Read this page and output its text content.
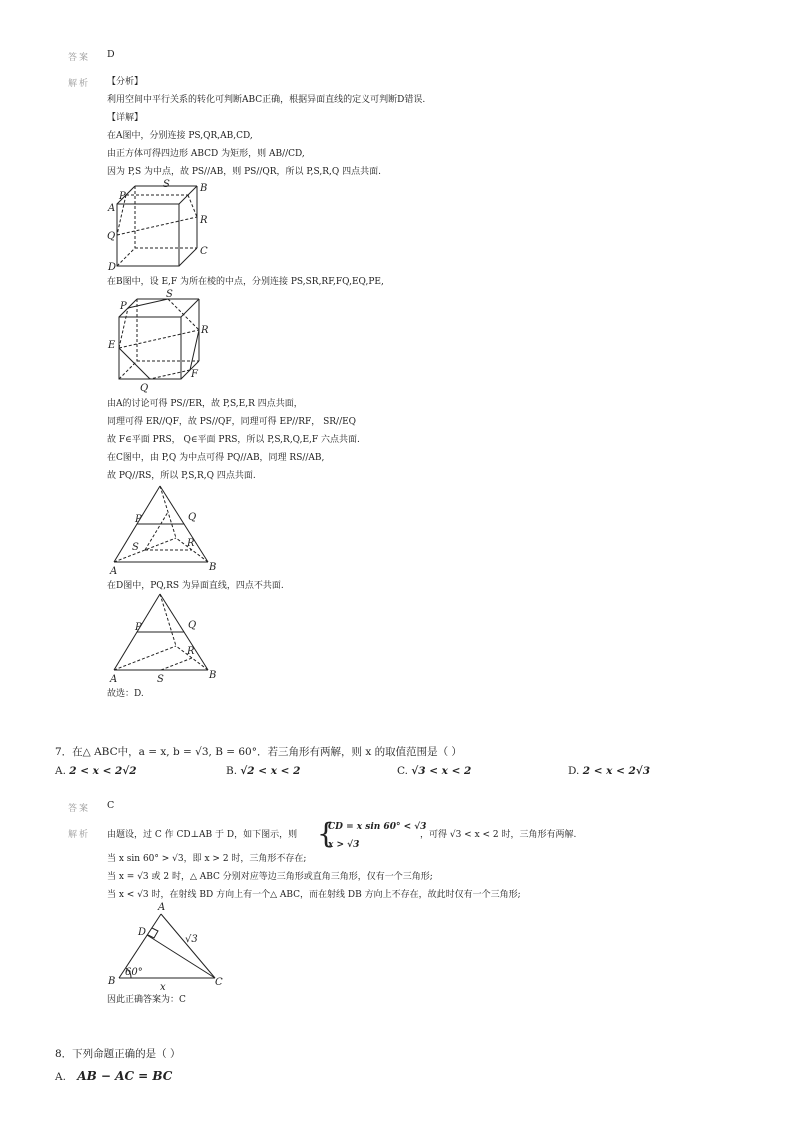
答案 D
解析 【分析】
利用空间中平行关系的转化可判断ABC正确，根据异面直线的定义可判断D错误.
【详解】
在A图中，分别连接 PS,QR,AB,CD,
由正方体可得四边形 ABCD 为矩形，则 AB//CD,
因为 P,S 为中点，故 PS//AB，则 PS//QR，所以 P,S,R,Q 四点共面.
P
S	B
A
R
Q
C
D
在B图中，设 E,F 为所在棱的中点，分别连接 PS,SR,RF,FQ,EQ,PE,
P
S
R
E
F
Q
由A的讨论可得 PS//ER，故 P,S,E,R 四点共面，
同理可得 ER//QF，故 PS//QF，同理可得 EP//RF， SR//EQ
故 F∈平面 PRS， Q∈平面 PRS，所以 P,S,R,Q,E,F 六点共面.
在C图中，由 P,Q 为中点可得 PQ//AB，同理 RS//AB,
故 PQ//RS，所以 P,S,R,Q 四点共面.
P	Q
S	R
A	B
在D图中，PQ,RS 为异面直线，四点不共面.
P	Q
R
A	S	B
故选：D.
7．在△ ABC中，a = x, b = √3, B = 60°．若三角形有两解，则 x 的取值范围是（ ）
A. 2 < x < 2√2	B. √2 < x < 2	C. √3 < x < 2	D. 2 < x < 2√3
答案 C
解析 由题设，过 C 作 CD⊥AB 于 D，如下图示，则 {
CD = x sin 60° < √3
x > √3
，可得 √3 < x < 2 时，三角形有两解.
当 x sin 60° > √3，即 x > 2 时，三角形不存在;
当 x = √3 或 2 时，△ ABC 分别对应等边三角形或直角三角形，仅有一个三角形;
当 x < √3 时，在射线 BD 方向上有一个△ ABC，而在射线 DB 方向上不存在，故此时仅有一个三角形;
A
D
√3
B
60°
C
x
因此正确答案为：C
8．下列命题正确的是（ ）
A. AB − AC = BC
